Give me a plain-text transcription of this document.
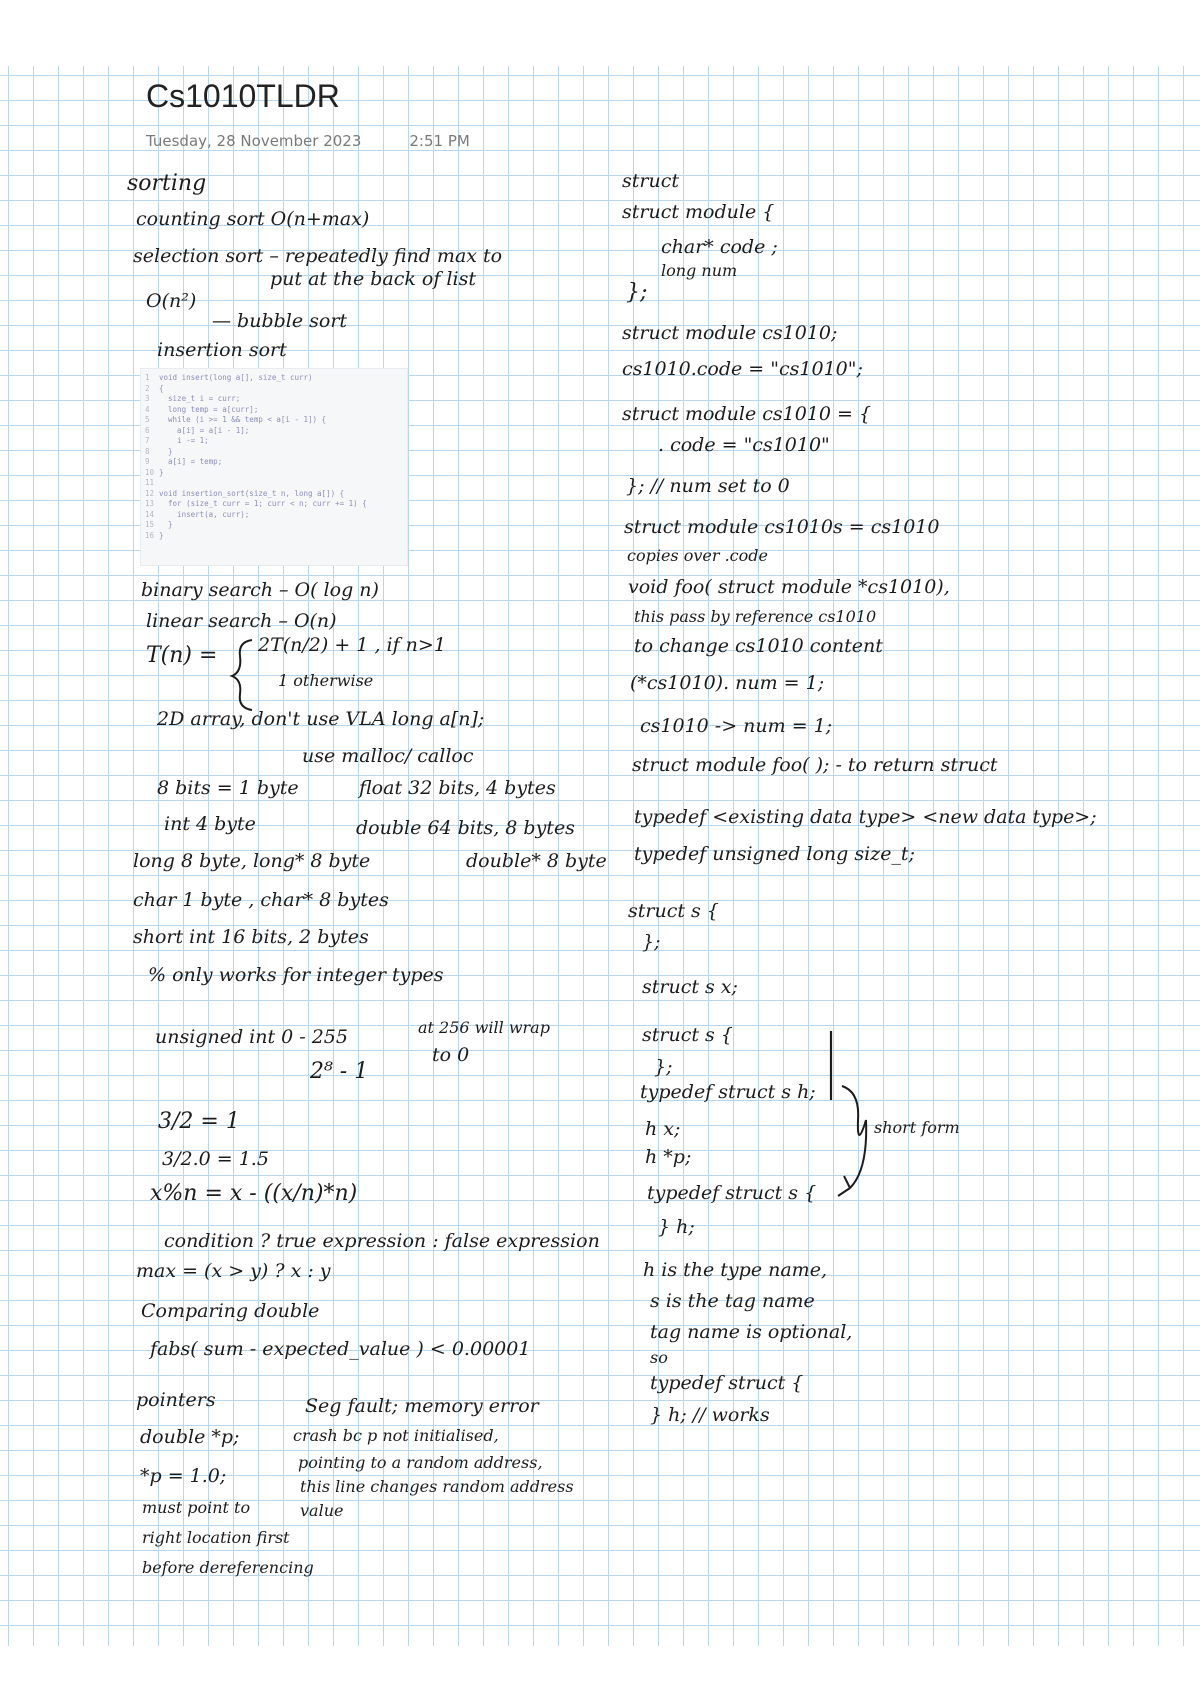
Cs1010TLDR
Tuesday, 28 November 2023	2:51 PM

sorting

counting sort O(n+max)

selection sort – repeatedly find max to

put at the back of list

O(n²)

— bubble sort

insertion sort

1 void insert(long a[], size_t curr)
2 {
3  size_t i = curr;
4  long temp = a[curr];
5  while (i >= 1 && temp < a[i - 1]) {
6    a[i] = a[i - 1];
7    i -= 1;
8  }
9  a[i] = temp;
10 }
11
12 void insertion_sort(size_t n, long a[]) {
13  for (size_t curr = 1; curr < n; curr += 1) {
14    insert(a, curr);
15  }
16 }

binary search – O( log n)

linear search – O(n)

T(n) = 2T(n/2) + 1 , if n>1

1 otherwise

2D array, don't use VLA long a[n];

use malloc/ calloc

8 bits = 1 byte	float 32 bits, 4 bytes

int 4 byte	double 64 bits, 8 bytes

long 8 byte, long* 8 byte	double* 8 byte

char 1 byte , char* 8 bytes

short int 16 bits, 2 bytes

% only works for integer types

unsigned int 0 - 255	at 256 will wrap

to 0

2⁸ - 1

3/2 = 1

3/2.0 = 1.5

x%n = x - ((x/n)*n)

condition ? true expression : false expression

max = (x > y) ? x : y

Comparing double

fabs( sum - expected_value ) < 0.00001

pointers

double *p;

*p = 1.0;

must point to

right location first

before dereferencing

Seg fault; memory error

crash bc p not initialised,

pointing to a random address,

this line changes random address

value

struct

struct module {

char* code ;

long num

};

struct module cs1010;

cs1010.code = "cs1010";

struct module cs1010 = {

. code = "cs1010"

}; // num set to 0

struct module cs1010s = cs1010

copies over .code

void foo( struct module *cs1010),

this pass by reference cs1010

to change cs1010 content

(*cs1010). num = 1;

cs1010 -> num = 1;

struct module foo( ); - to return struct

typedef <existing data type> <new data type>;

typedef unsigned long size_t;

struct s {

};

struct s x;

struct s {

};

typedef struct s h;

h x;

h *p;

typedef struct s {

} h;

short form

h is the type name,

s is the tag name

tag name is optional,

so

typedef struct {

} h; // works
